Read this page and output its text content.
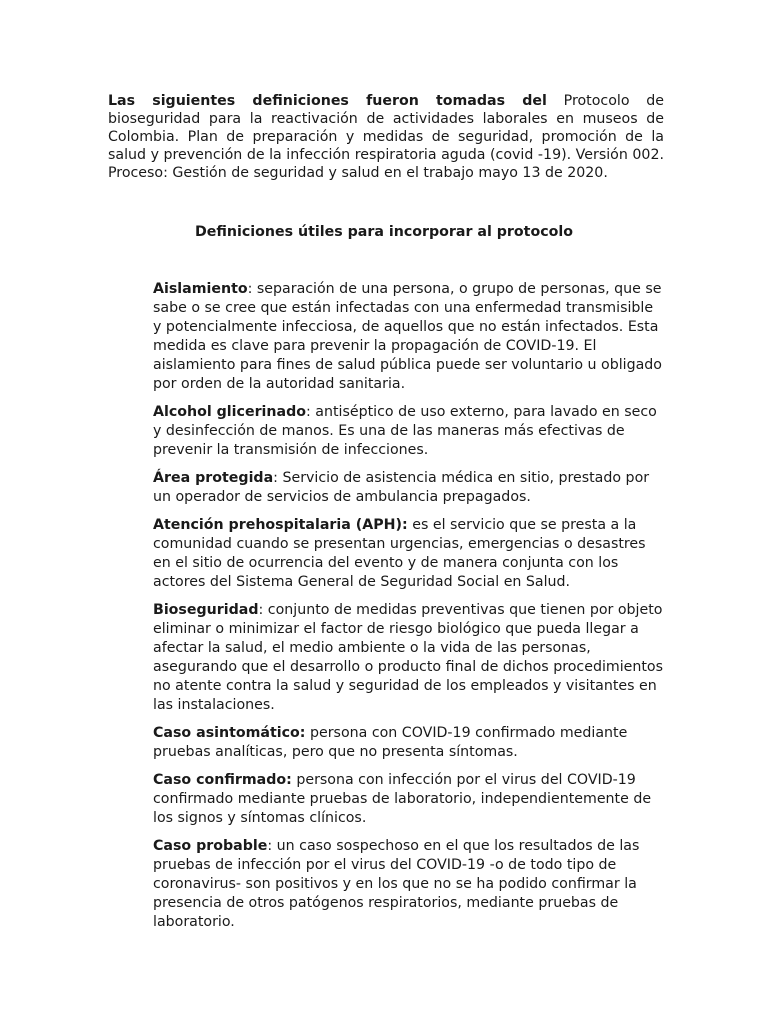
Las siguientes definiciones fueron tomadas del Protocolo de bioseguridad para la reactivación de actividades laborales en museos de Colombia. Plan de preparación y medidas de seguridad, promoción de la salud y prevención de la infección respiratoria aguda (covid -19). Versión 002. Proceso: Gestión de seguridad y salud en el trabajo mayo 13 de 2020.

Definiciones útiles para incorporar al protocolo

Aislamiento: separación de una persona, o grupo de personas, que se sabe o se cree que están infectadas con una enfermedad transmisible y potencialmente infecciosa, de aquellos que no están infectados. Esta medida es clave para prevenir la propagación de COVID-19. El aislamiento para fines de salud pública puede ser voluntario u obligado por orden de la autoridad sanitaria.
Alcohol glicerinado: antiséptico de uso externo, para lavado en seco y desinfección de manos. Es una de las maneras más efectivas de prevenir la transmisión de infecciones.
Área protegida: Servicio de asistencia médica en sitio, prestado por un operador de servicios de ambulancia prepagados.
Atención prehospitalaria (APH): es el servicio que se presta a la comunidad cuando se presentan urgencias, emergencias o desastres en el sitio de ocurrencia del evento y de manera conjunta con los actores del Sistema General de Seguridad Social en Salud.
Bioseguridad: conjunto de medidas preventivas que tienen por objeto eliminar o minimizar el factor de riesgo biológico que pueda llegar a afectar la salud, el medio ambiente o la vida de las personas, asegurando que el desarrollo o producto final de dichos procedimientos no atente contra la salud y seguridad de los empleados y visitantes en las instalaciones.
Caso asintomático: persona con COVID-19 confirmado mediante pruebas analíticas, pero que no presenta síntomas.
Caso confirmado: persona con infección por el virus del COVID-19 confirmado mediante pruebas de laboratorio, independientemente de los signos y síntomas clínicos.
Caso probable: un caso sospechoso en el que los resultados de las pruebas de infección por el virus del COVID-19 -o de todo tipo de coronavirus- son positivos y en los que no se ha podido confirmar la presencia de otros patógenos respiratorios, mediante pruebas de laboratorio.
